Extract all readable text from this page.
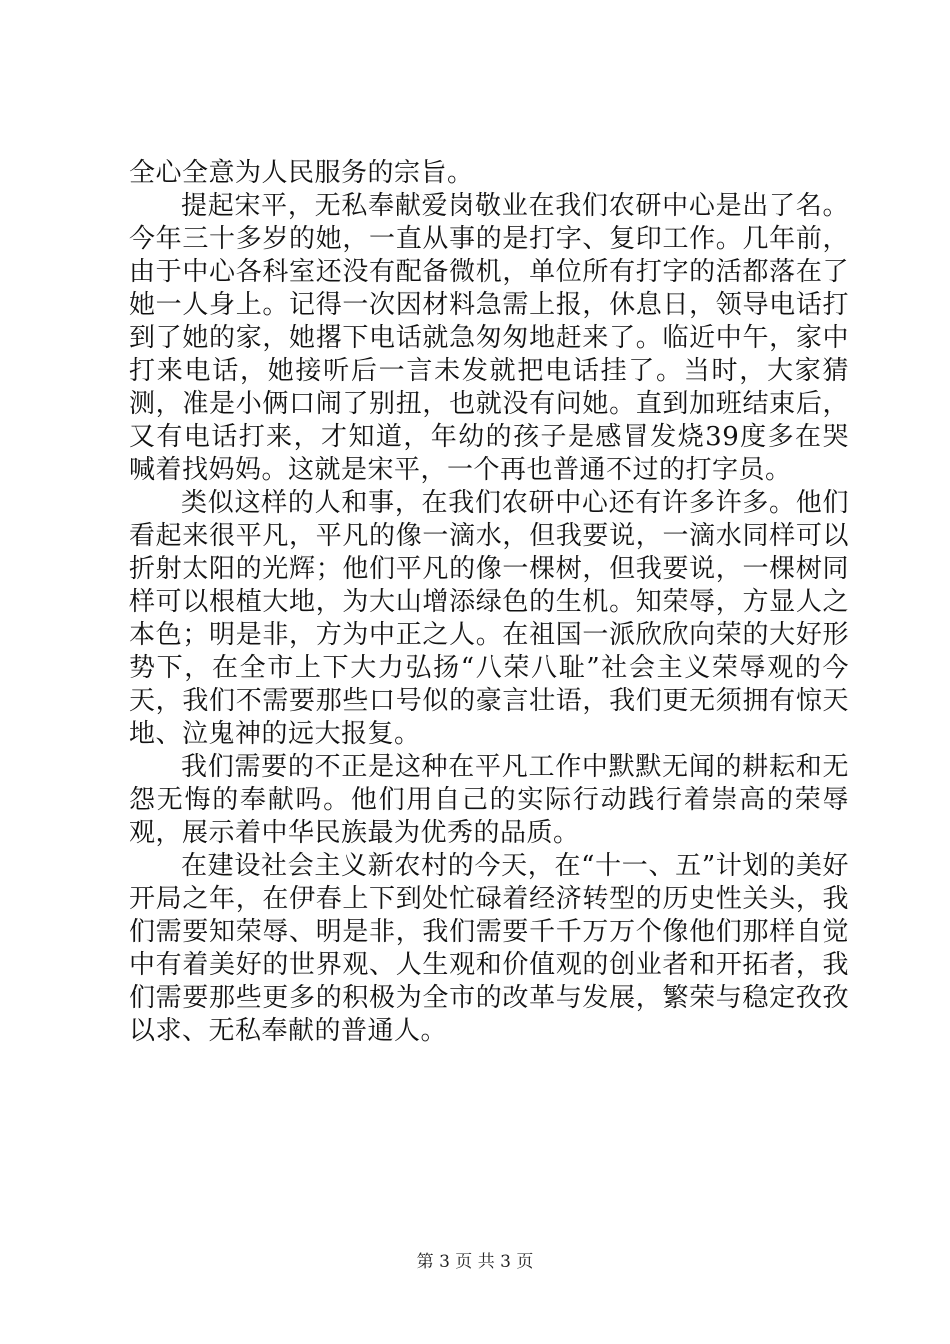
全心全意为人民服务的宗旨。

提起宋平，无私奉献爱岗敬业在我们农研中心是出了名。今年三十多岁的她，一直从事的是打字、复印工作。几年前，由于中心各科室还没有配备微机，单位所有打字的活都落在了她一人身上。记得一次因材料急需上报，休息日，领导电话打到了她的家，她撂下电话就急匆匆地赶来了。临近中午，家中打来电话，她接听后一言未发就把电话挂了。当时，大家猜测，准是小俩口闹了别扭，也就没有问她。直到加班结束后，又有电话打来，才知道，年幼的孩子是感冒发烧39度多在哭喊着找妈妈。这就是宋平，一个再也普通不过的打字员。

类似这样的人和事，在我们农研中心还有许多许多。他们看起来很平凡，平凡的像一滴水，但我要说，一滴水同样可以折射太阳的光辉；他们平凡的像一棵树，但我要说，一棵树同样可以根植大地，为大山增添绿色的生机。知荣辱，方显人之本色；明是非，方为中正之人。在祖国一派欣欣向荣的大好形势下，在全市上下大力弘扬“八荣八耻”社会主义荣辱观的今天，我们不需要那些口号似的豪言壮语，我们更无须拥有惊天地、泣鬼神的远大报复。

我们需要的不正是这种在平凡工作中默默无闻的耕耘和无怨无悔的奉献吗。他们用自己的实际行动践行着崇高的荣辱观，展示着中华民族最为优秀的品质。

在建设社会主义新农村的今天，在“十一、五”计划的美好开局之年，在伊春上下到处忙碌着经济转型的历史性关头，我们需要知荣辱、明是非，我们需要千千万万个像他们那样自觉中有着美好的世界观、人生观和价值观的创业者和开拓者，我们需要那些更多的积极为全市的改革与发展，繁荣与稳定孜孜以求、无私奉献的普通人。

第 3 页 共 3 页
